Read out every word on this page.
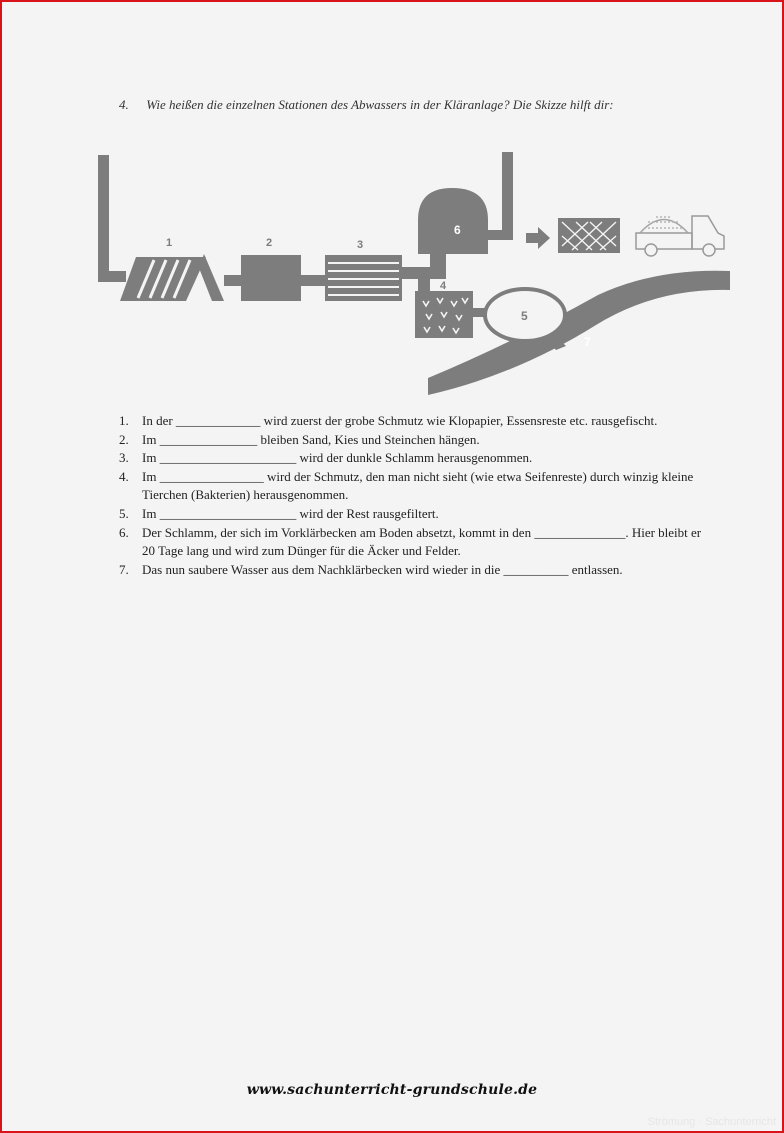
4. Wie heißen die einzelnen Stationen des Abwassers in der Kläranlage? Die Skizze hilft dir:
1	2	3
4
5
6
7
1.	In der _____________ wird zuerst der grobe Schmutz wie Klopapier, Essensreste etc. rausgefischt.
2.	Im _______________ bleiben Sand, Kies und Steinchen hängen.
3.	Im _____________________ wird der dunkle Schlamm herausgenommen.
4.	Im ________________ wird der Schmutz, den man nicht sieht (wie etwa Seifenreste) durch winzig kleine Tierchen (Bakterien) herausgenommen.
5.	Im _____________________ wird der Rest rausgefiltert.
6.	Der Schlamm, der sich im Vorklärbecken am Boden absetzt, kommt in den ______________. Hier bleibt er 20 Tage lang und wird zum Dünger für die Äcker und Felder.
7.	Das nun saubere Wasser aus dem Nachklärbecken wird wieder in die __________ entlassen.
www.sachunterricht-grundschule.de
Strömung · Sachunterricht
